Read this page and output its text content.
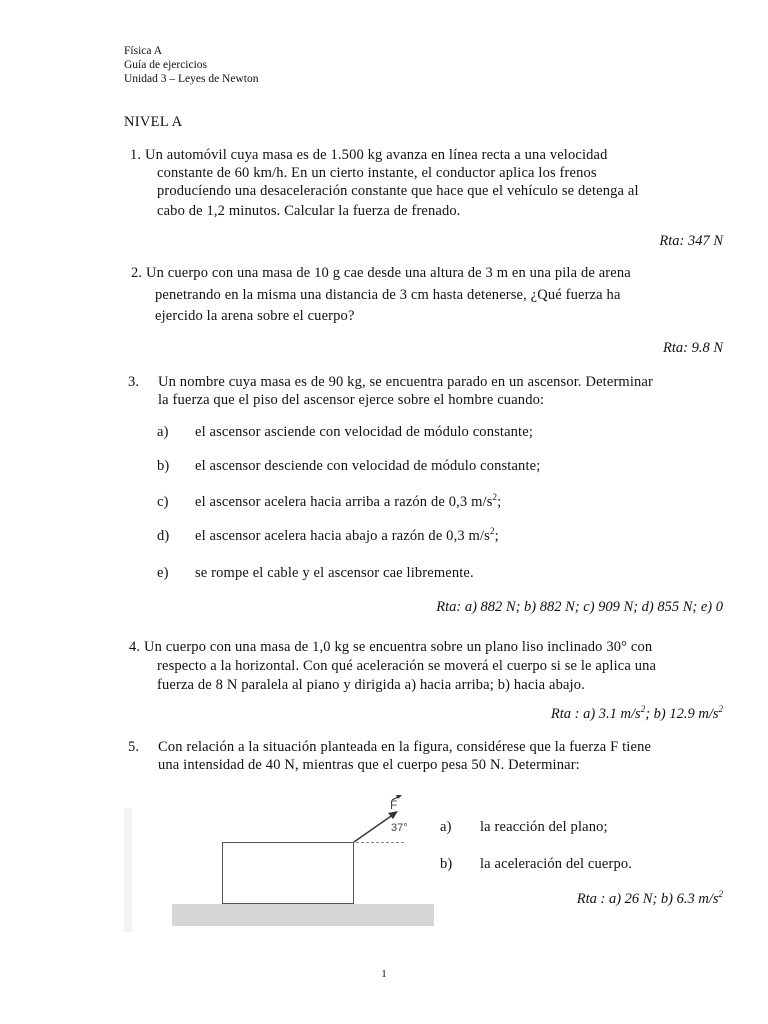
Física A
Guía de ejercicios
Unidad 3 – Leyes de Newton
NIVEL A
1. Un automóvil cuya masa es de 1.500 kg avanza en línea recta a una velocidad
constante de 60 km/h. En un cierto instante, el conductor aplica los frenos
producíendo una desaceleración constante que hace que el vehículo se detenga al
cabo de 1,2 minutos. Calcular la fuerza de frenado.
Rta: 347 N
2. Un cuerpo con una masa de 10 g cae desde una altura de 3 m en una pila de arena
penetrando en la misma una distancia de 3 cm hasta detenerse, ¿Qué fuerza ha
ejercido la arena sobre el cuerpo?
Rta: 9.8 N
3. Un nombre cuya masa es de 90 kg, se encuentra parado en un ascensor. Determinar
la fuerza que el piso del ascensor ejerce sobre el hombre cuando:
a) el ascensor asciende con velocidad de módulo constante;
b) el ascensor desciende con velocidad de módulo constante;
c) el ascensor acelera hacia arriba a razón de 0,3 $m/s^2$;
d) el ascensor acelera hacia abajo a razón de 0,3 $m/s^2$;
e) se rompe el cable y el ascensor cae libremente.
Rta: a) 882 N; b) 882 N; c) 909 N; d) 855 N; e) 0
4. Un cuerpo con una masa de 1,0 kg se encuentra sobre un plano liso inclinado 30° con
respecto a la horizontal. Con qué aceleración se moverá el cuerpo si se le aplica una
fuerza de 8 N paralela al piano y dirigida a) hacia arriba; b) hacia abajo.
Rta : a) 3.1 $m/s^2$; b) 12.9 $m/s^2$
5. Con relación a la situación planteada en la figura, considérese que la fuerza F tiene
una intensidad de 40 N, mientras que el cuerpo pesa 50 N. Determinar:
F
37° a) la reacción del plano;
b) la aceleración del cuerpo.
Rta : a) 26 N; b) 6.3 $m/s^2$
1
